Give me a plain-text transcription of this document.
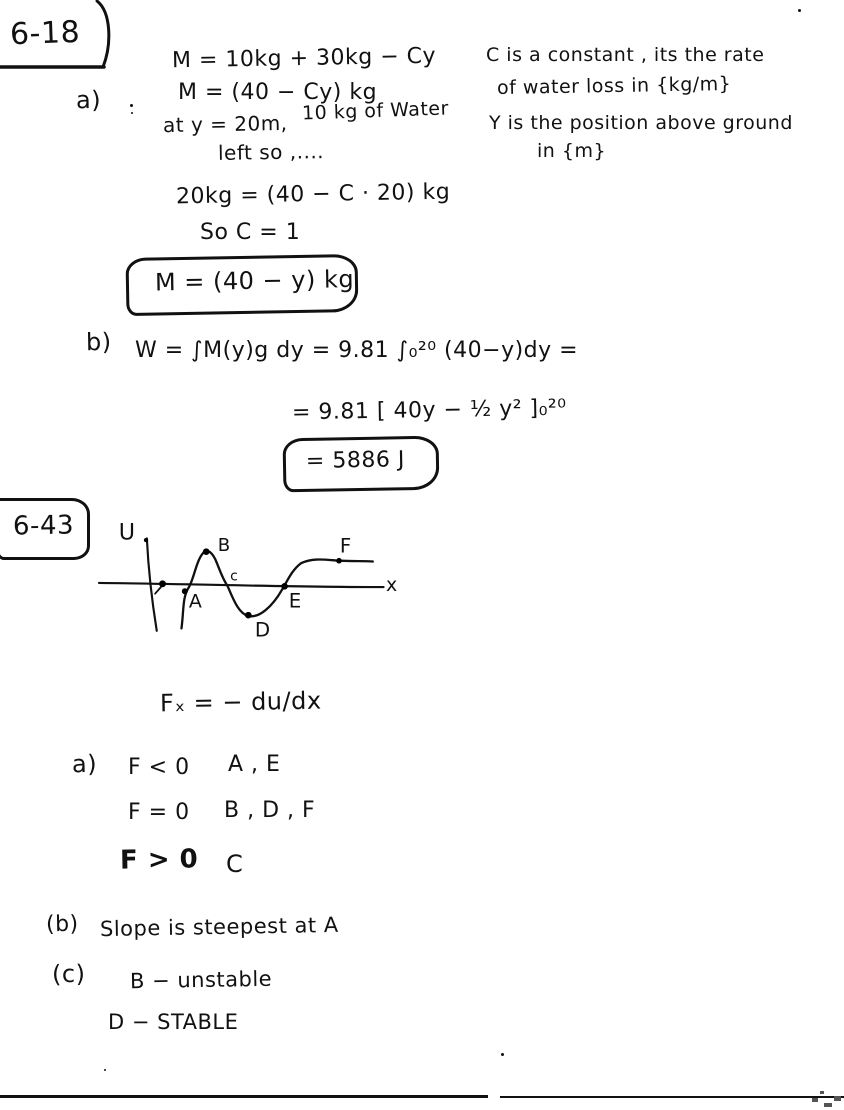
6-18
a)
M = 10kg + 30kg − Cy
M = (40 − Cy) kg
at y = 20m, 10 kg of Water
left so ,....
20kg = (40 − C · 20) kg
So C = 1
M = (40 − y) kg
C is a constant , its the rate
of water loss in {kg/m}
Y is the position above ground
in {m}
b) W = ∫M(y)g dy = 9.81 ∫₀²⁰ (40−y)dy =
= 9.81 [ 40y − ½ y² ]₀²⁰
= 5886 J
6-43 U
x
A
B
c
D
E
F
Fₓ = − du/dx
a) F < 0 A , E
F = 0 B , D , F
F > 0 C
(b) Slope is steepest at A
(c) B − unstable
D − STABLE
